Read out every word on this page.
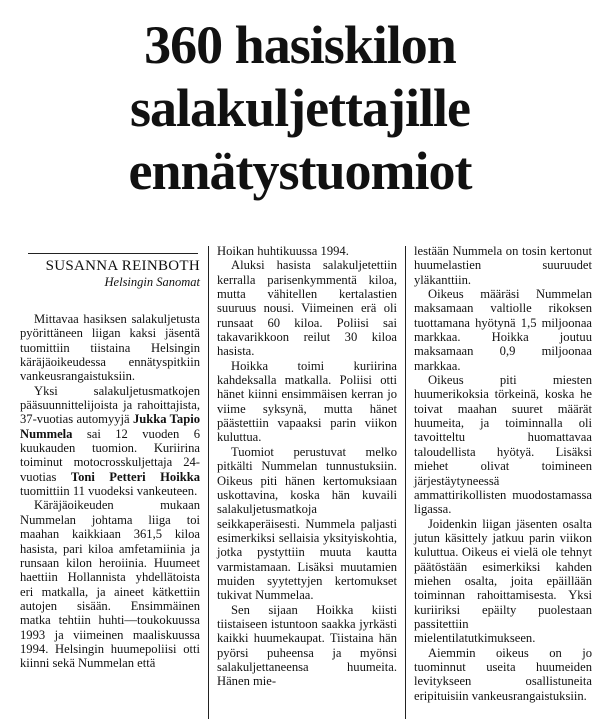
360 hasiskilon
salakuljettajille
ennätystuomiot
SUSANNA REINBOTH
Helsingin Sanomat

Mittavaa hasiksen salakuljetusta pyörittäneen liigan kaksi jäsentä tuomittiin tiistaina Helsingin käräjäoikeudessa ennätyspitkiin vankeusrangaistuksiin.

Yksi salakuljetusmatkojen pääsuunnittelijoista ja rahoittajista, 37-vuotias automyyjä Jukka Tapio Nummela sai 12 vuoden 6 kuukauden tuomion. Kuriirina toiminut motocrosskuljettaja 24-vuotias Toni Petteri Hoikka tuomittiin 11 vuodeksi vankeuteen.

Käräjäoikeuden mukaan Nummelan johtama liiga toi maahan kaikkiaan 361,5 kiloa hasista, pari kiloa amfetamiinia ja runsaan kilon heroiinia. Huumeet haettiin Hollannista yhdellätoista eri matkalla, ja aineet kätkettiin autojen sisään. Ensimmäinen matka tehtiin huhti—toukokuussa 1993 ja viimeinen maaliskuussa 1994. Helsingin huumepoliisi otti kiinni sekä Nummelan että

Hoikan huhtikuussa 1994.

Aluksi hasista salakuljetettiin kerralla parisenkymmentä kiloa, mutta vähitellen kertalastien suuruus nousi. Viimeinen erä oli runsaat 60 kiloa. Poliisi sai takavarikkoon reilut 30 kiloa hasista.

Hoikka toimi kuriirina kahdeksalla matkalla. Poliisi otti hänet kiinni ensimmäisen kerran jo viime syksynä, mutta hänet päästettiin vapaaksi parin viikon kuluttua.

Tuomiot perustuvat melko pitkälti Nummelan tunnustuksiin. Oikeus piti hänen kertomuksiaan uskottavina, koska hän kuvaili salakuljetusmatkoja seikkaperäisesti. Nummela paljasti esimerkiksi sellaisia yksityiskohtia, jotka pystyttiin muuta kautta varmistamaan. Lisäksi muutamien muiden syytettyjen kertomukset tukivat Nummelaa.

Sen sijaan Hoikka kiisti tiistaiseen istuntoon saakka jyrkästi kaikki huumekaupat. Tiistaina hän pyörsi puheensa ja myönsi salakuljettaneensa huumeita. Hänen mie-

lestään Nummela on tosin kertonut huumelastien suuruudet yläkanttiin.

Oikeus määräsi Nummelan maksamaan valtiolle rikoksen tuottamana hyötynä 1,5 miljoonaa markkaa. Hoikka joutuu maksamaan 0,9 miljoonaa markkaa.

Oikeus piti miesten huumerikoksia törkeinä, koska he toivat maahan suuret määrät huumeita, ja toiminnalla oli tavoitteltu huomattavaa taloudellista hyötyä. Lisäksi miehet olivat toimineen järjestäytyneessä ammattirikollisten muodostamassa ligassa.

Joidenkin liigan jäsenten osalta jutun käsittely jatkuu parin viikon kuluttua. Oikeus ei vielä ole tehnyt päätöstään esimerkiksi kahden miehen osalta, joita epäillään toiminnan rahoittamisesta. Yksi kuriiriksi epäilty puolestaan passitettiin mielentilatutkimukseen.

Aiemmin oikeus on jo tuominnut useita huumeiden levitykseen osallistuneita eripituisiin vankeusrangaistuksiin.
